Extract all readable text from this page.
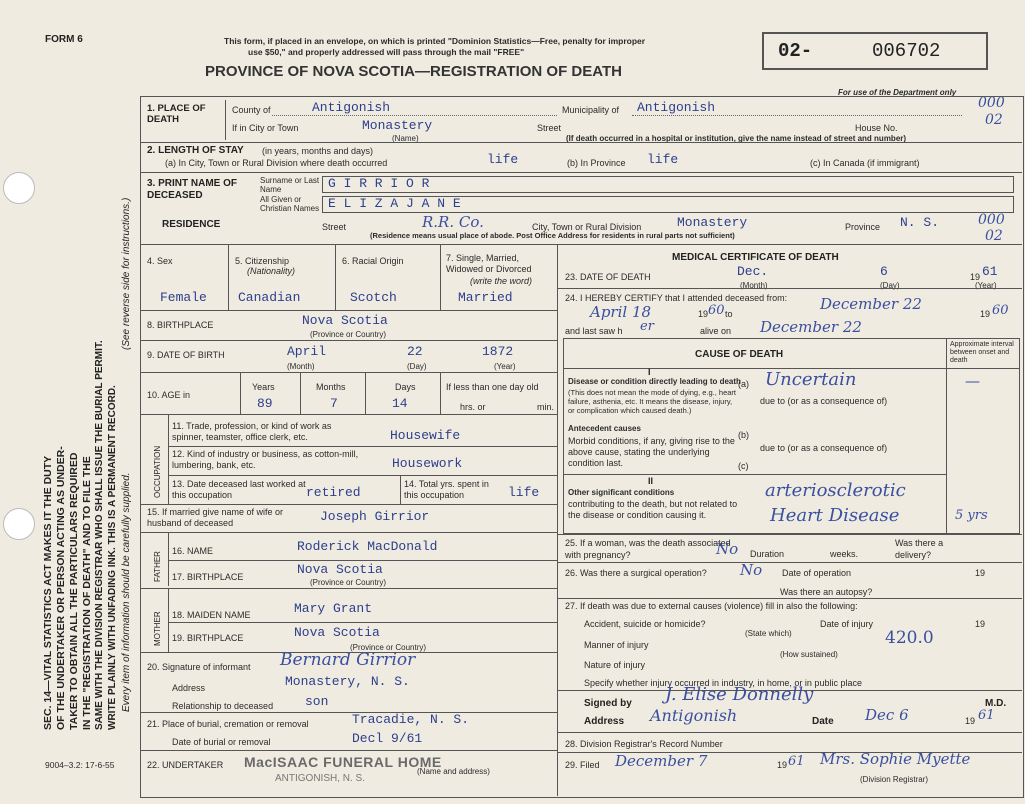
SEC. 14—VITAL STATISTICS ACT MAKES IT THE DUTY OF THE UNDERTAKER OR PERSON ACTING AS UNDER- TAKER TO OBTAIN ALL THE PARTICULARS REQUIRED IN THE "REGISTRATION OF DEATH" AND TO FILE THE SAME WITH THE DIVISION REGISTRAR WHO SHALL ISSUE THE BURIAL PERMIT. WRITE PLAINLY WITH UNFADING INK. THIS IS A PERMANENT RECORD. Every item of information should be carefully supplied.
(See reverse side for instructions.)
FORM 6	This form, if placed in an envelope, on which is printed "Dominion Statistics—Free, penalty for improper
use $50," and properly addressed will pass through the mail "FREE"
PROVINCE OF NOVA SCOTIA—REGISTRATION OF DEATH
02-	006702
For use of the Department only
000
02
000
02
1. PLACE OF DEATH
County of	Antigonish	Municipality of Antigonish
If in City or Town	Monastery
(Name)
Street
(If death occurred in a hospital or institution, give the name instead of street and number)
House No.
2. LENGTH OF STAY (in years, months and days)
(a) In City, Town or Rural Division where death occurred	life	(b) In Province life	(c) In Canada (if immigrant)
3. PRINT NAME OF DECEASED
Surname or Last Name	G I R R I O R
All Given or Christian Names E L I Z A J A N E
RESIDENCE	Street	R.R. Co.	City, Town or Rural Division	Monastery	Province N. S.
(Residence means usual place of abode. Post Office Address for residents in rural parts not sufficient)
4. Sex
Female
5. Citizenship
(Nationality)
Canadian
6. Racial Origin
Scotch
7. Single, Married, Widowed or Divorced
(write the word)
Married
8. BIRTHPLACE	Nova Scotia
(Province or Country)
9. DATE OF BIRTH	April	22	1872
(Month)	(Day)	(Year)
10. AGE in
Years
89
Months
7
Days
14
If less than one day old
hrs. or	min.
OCCUPATION
11. Trade, profession, or kind of work as spinner, teamster, office clerk, etc.	Housewife
12. Kind of industry or business, as cotton-mill, lumbering, bank, etc.	Housework
13. Date deceased last worked at this occupation	retired
14. Total yrs. spent in this occupation	life
15. If married give name of wife or husband of deceased	Joseph Girrior
FATHER
16. NAME	Roderick MacDonald
17. BIRTHPLACE	Nova Scotia
(Province or Country)
MOTHER 18. MAIDEN NAME	Mary Grant
19. BIRTHPLACE	Nova Scotia
(Province or Country)
20. Signature of informant Bernard Girrior
Address	Monastery, N. S.
Relationship to deceased son
21. Place of burial, cremation or removal	Tracadie, N. S.
Date of burial or removal	Decl 9/61
22. UNDERTAKER MacISAAC FUNERAL HOME
ANTIGONISH, N. S.
(Name and address)
9004–3.2: 17-6-55
MEDICAL CERTIFICATE OF DEATH
23. DATE OF DEATH	Dec.	6	19 61
(Month)	(Day)	(Year)
24. I HEREBY CERTIFY that I attended deceased from:
April 18	19 60 to
December 22
19 60
and last saw h er	alive on December 22
CAUSE OF DEATH
Approximate interval between onset and death
I
Disease or condition directly leading to death
(This does not mean the mode of dying, e.g., heart failure, asthenia, etc. It means the disease, injury, or complication which caused death.)
(a) Uncertain	—
due to (or as a consequence of)
Antecedent causes
Morbid conditions, if any, giving rise to the above cause, stating the underlying condition last.
(b)
due to (or as a consequence of)
(c)
II
Other significant conditions
contributing to the death, but not related to the disease or condition causing it.
arteriosclerotic
Heart Disease	5 yrs
25. If a woman, was the death associated with pregnancy?	No Duration	weeks.
Was there a delivery?
26. Was there a surgical operation? No Date of operation	19
Was there an autopsy?
27. If death was due to external causes (violence) fill in also the following:
Accident, suicide or homicide?	Date of injury	19
(State which)
Manner of injury	420.0
(How sustained)
Nature of injury
Specify whether injury occurred in industry, in home, or in public place
Signed by J. Elise Donnelly	M.D.
Address Antigonish	Date Dec 6	19 61
28. Division Registrar's Record Number
29. Filed December 7	19 61 Mrs. Sophie Myette
(Division Registrar)
